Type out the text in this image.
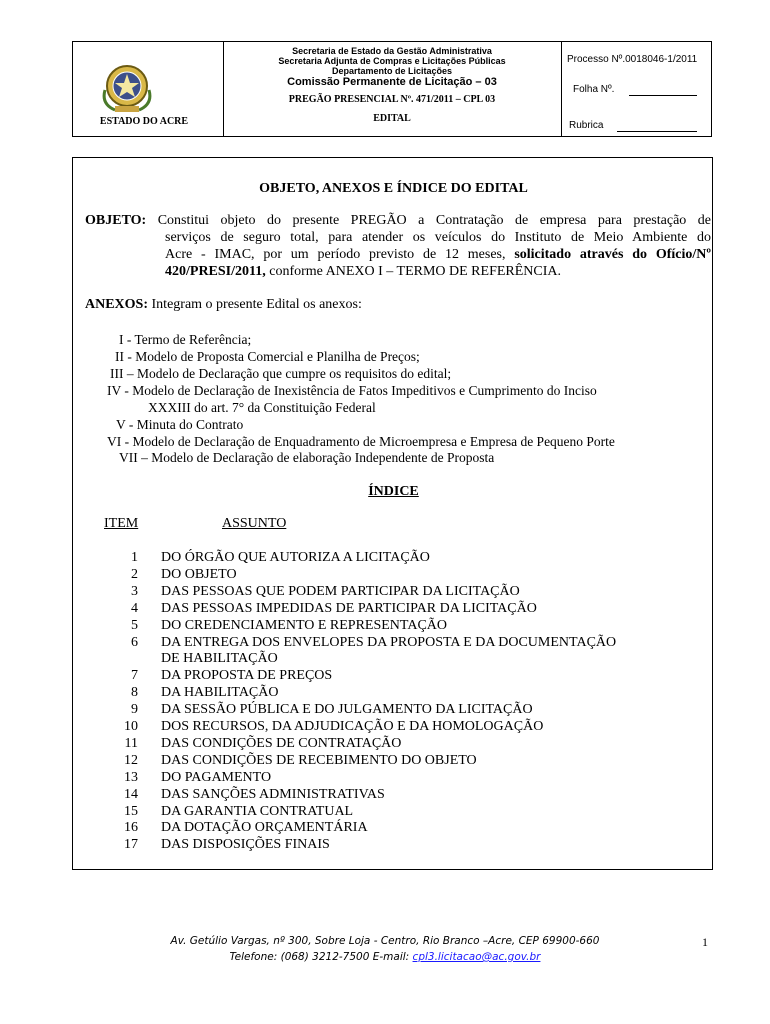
ESTADO DO ACRE
Secretaria de Estado da Gestão Administrativa
Secretaria Adjunta de Compras e Licitações Públicas
Departamento de Licitações
Comissão Permanente de Licitação – 03
PREGÃO PRESENCIAL Nº. 471/2011 – CPL 03
EDITAL
Processo Nº.0018046-1/2011
Folha Nº.
Rubrica
OBJETO, ANEXOS E ÍNDICE DO EDITAL
OBJETO: Constitui objeto do presente PREGÃO a Contratação de empresa para prestação de
serviços de seguro total, para atender os veículos do Instituto de Meio Ambiente do
Acre - IMAC, por um período previsto de 12 meses, solicitado através do Ofício/Nº
420/PRESI/2011, conforme ANEXO I – TERMO DE REFERÊNCIA.
ANEXOS: Integram o presente Edital os anexos:
I - Termo de Referência;
II - Modelo de Proposta Comercial e Planilha de Preços;
III – Modelo de Declaração que cumpre os requisitos do edital;
IV - Modelo de Declaração de Inexistência de Fatos Impeditivos e Cumprimento do Inciso
XXXIII do art. 7° da Constituição Federal
V - Minuta do Contrato
VI - Modelo de Declaração de Enquadramento de Microempresa e Empresa de Pequeno Porte
VII – Modelo de Declaração de elaboração Independente de Proposta
ÍNDICE
ITEM	ASSUNTO
1 DO ÓRGÃO QUE AUTORIZA A LICITAÇÃO
2 DO OBJETO
3 DAS PESSOAS QUE PODEM PARTICIPAR DA LICITAÇÃO
4 DAS PESSOAS IMPEDIDAS DE PARTICIPAR DA LICITAÇÃO
5 DO CREDENCIAMENTO E REPRESENTAÇÃO
6 DA ENTREGA DOS ENVELOPES DA PROPOSTA E DA DOCUMENTAÇÃO
DE HABILITAÇÃO
7 DA PROPOSTA DE PREÇOS
8 DA HABILITAÇÃO
9 DA SESSÃO PÚBLICA E DO JULGAMENTO DA LICITAÇÃO
10 DOS RECURSOS, DA ADJUDICAÇÃO E DA HOMOLOGAÇÃO
11 DAS CONDIÇÕES DE CONTRATAÇÃO
12 DAS CONDIÇÕES DE RECEBIMENTO DO OBJETO
13 DO PAGAMENTO
14 DAS SANÇÕES ADMINISTRATIVAS
15 DA GARANTIA CONTRATUAL
16 DA DOTAÇÃO ORÇAMENTÁRIA
17 DAS DISPOSIÇÕES FINAIS
Av. Getúlio Vargas, nº 300, Sobre Loja - Centro, Rio Branco –Acre, CEP 69900-660
Telefone: (068) 3212-7500 E-mail: cpl3.licitacao@ac.gov.br
1
